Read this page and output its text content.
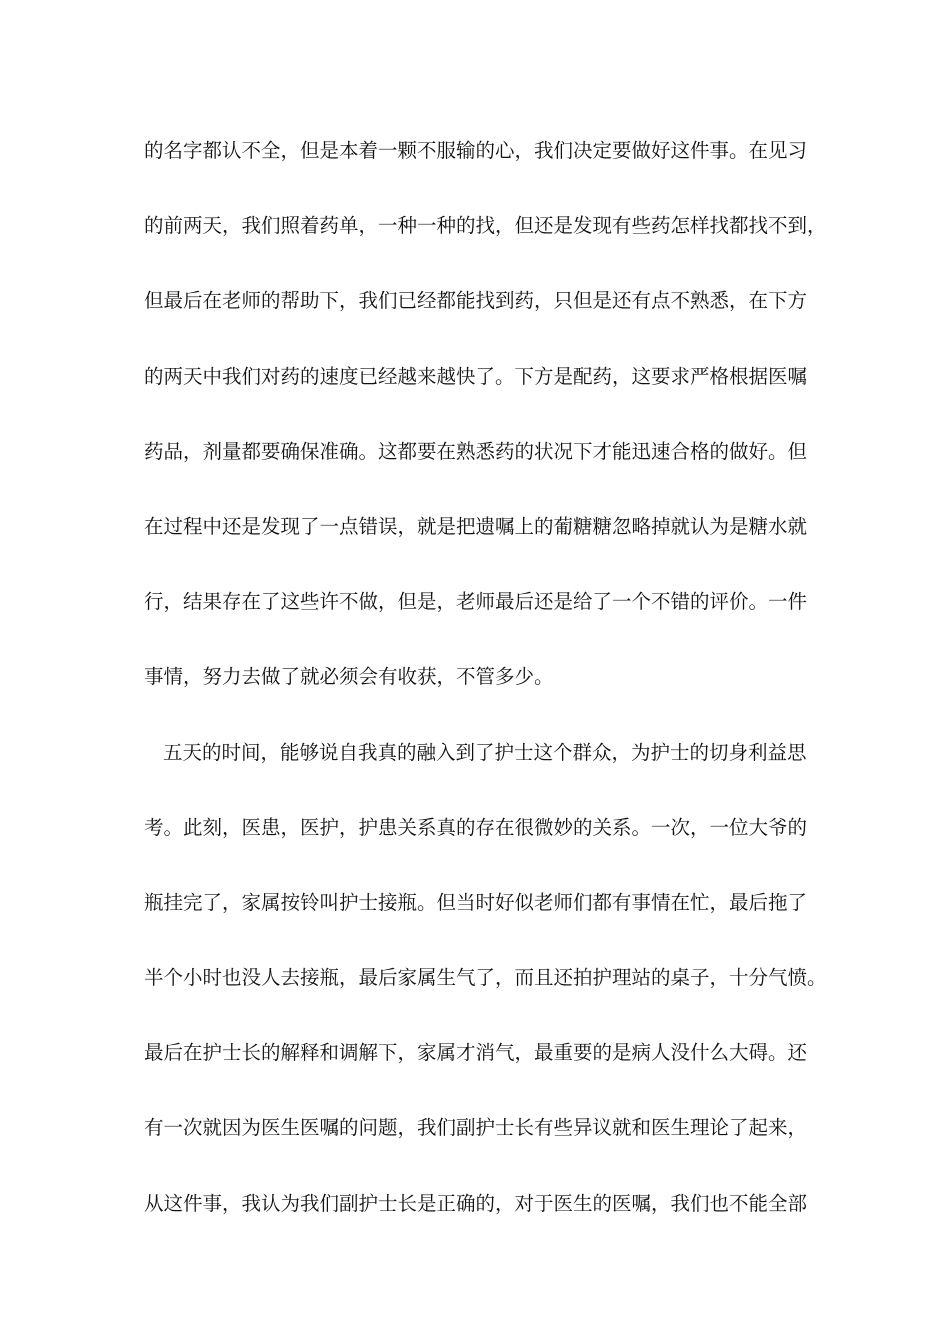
的名字都认不全，但是本着一颗不服输的心，我们决定要做好这件事。在见习
的前两天，我们照着药单，一种一种的找，但还是发现有些药怎样找都找不到，
但最后在老师的帮助下，我们已经都能找到药，只但是还有点不熟悉，在下方
的两天中我们对药的速度已经越来越快了。下方是配药，这要求严格根据医嘱
药品，剂量都要确保准确。这都要在熟悉药的状况下才能迅速合格的做好。但
在过程中还是发现了一点错误，就是把遗嘱上的葡糖糖忽略掉就认为是糖水就
行，结果存在了这些许不做，但是，老师最后还是给了一个不错的评价。一件
事情，努力去做了就必须会有收获，不管多少。
五天的时间，能够说自我真的融入到了护士这个群众，为护士的切身利益思
考。此刻，医患，医护，护患关系真的存在很微妙的关系。一次，一位大爷的
瓶挂完了，家属按铃叫护士接瓶。但当时好似老师们都有事情在忙，最后拖了
半个小时也没人去接瓶，最后家属生气了，而且还拍护理站的桌子，十分气愤。
最后在护士长的解释和调解下，家属才消气，最重要的是病人没什么大碍。还
有一次就因为医生医嘱的问题，我们副护士长有些异议就和医生理论了起来，
从这件事，我认为我们副护士长是正确的，对于医生的医嘱，我们也不能全部
